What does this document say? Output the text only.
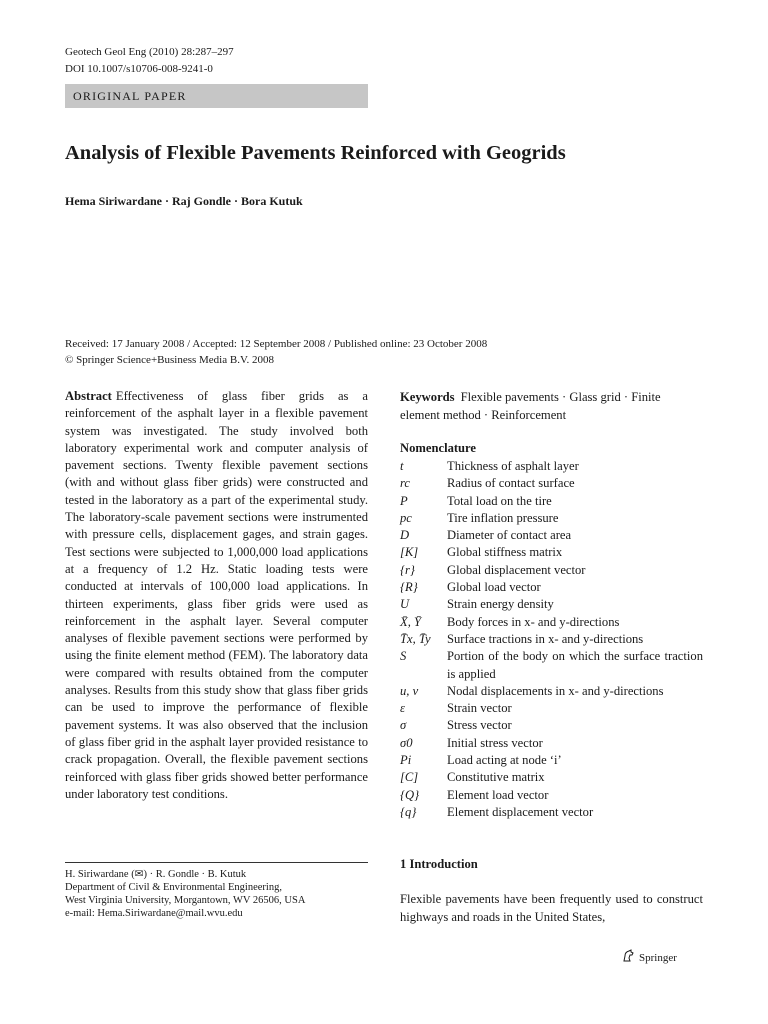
Geotech Geol Eng (2010) 28:287–297
DOI 10.1007/s10706-008-9241-0
ORIGINAL PAPER
Analysis of Flexible Pavements Reinforced with Geogrids
Hema Siriwardane · Raj Gondle · Bora Kutuk
Received: 17 January 2008 / Accepted: 12 September 2008 / Published online: 23 October 2008
© Springer Science+Business Media B.V. 2008
Abstract Effectiveness of glass fiber grids as a reinforcement of the asphalt layer in a flexible pavement system was investigated. The study involved both laboratory experimental work and computer analysis of pavement sections. Twenty flexible pavement sections (with and without glass fiber grids) were constructed and tested in the laboratory as a part of the experimental study. The laboratory-scale pavement sections were instrumented with pressure cells, displacement gages, and strain gages. Test sections were subjected to 1,000,000 load applications at a frequency of 1.2 Hz. Static loading tests were conducted at intervals of 100,000 load applications. In thirteen experiments, glass fiber grids were used as reinforcement in the asphalt layer. Several computer analyses of flexible pavement sections were performed by using the finite element method (FEM). The laboratory data were compared with results obtained from the computer analyses. Results from this study show that glass fiber grids can be used to improve the performance of flexible pavement systems. It was also observed that the inclusion of glass fiber grid in the asphalt layer provided resistance to crack propagation. Overall, the flexible pavement sections reinforced with glass fiber grids showed better performance under laboratory test conditions.
H. Siriwardane (✉) · R. Gondle · B. Kutuk
Department of Civil & Environmental Engineering,
West Virginia University, Morgantown, WV 26506, USA
e-mail: Hema.Siriwardane@mail.wvu.edu
Keywords Flexible pavements · Glass grid · Finite element method · Reinforcement
Nomenclature
t	Thickness of asphalt layer
rc	Radius of contact surface
P	Total load on the tire
pc	Tire inflation pressure
D	Diameter of contact area
[K]	Global stiffness matrix
{r}	Global displacement vector
{R}	Global load vector
U	Strain energy density
X̄, Ȳ	Body forces in x- and y-directions
T̄x, T̄y	Surface tractions in x- and y-directions
S	Portion of the body on which the surface traction is applied
u, v	Nodal displacements in x- and y-directions
ε	Strain vector
σ	Stress vector
σ0	Initial stress vector
Pi	Load acting at node ‘i’
[C]	Constitutive matrix
{Q}	Element load vector
{q}	Element displacement vector
1 Introduction
Flexible pavements have been frequently used to construct highways and roads in the United States,
Springer
